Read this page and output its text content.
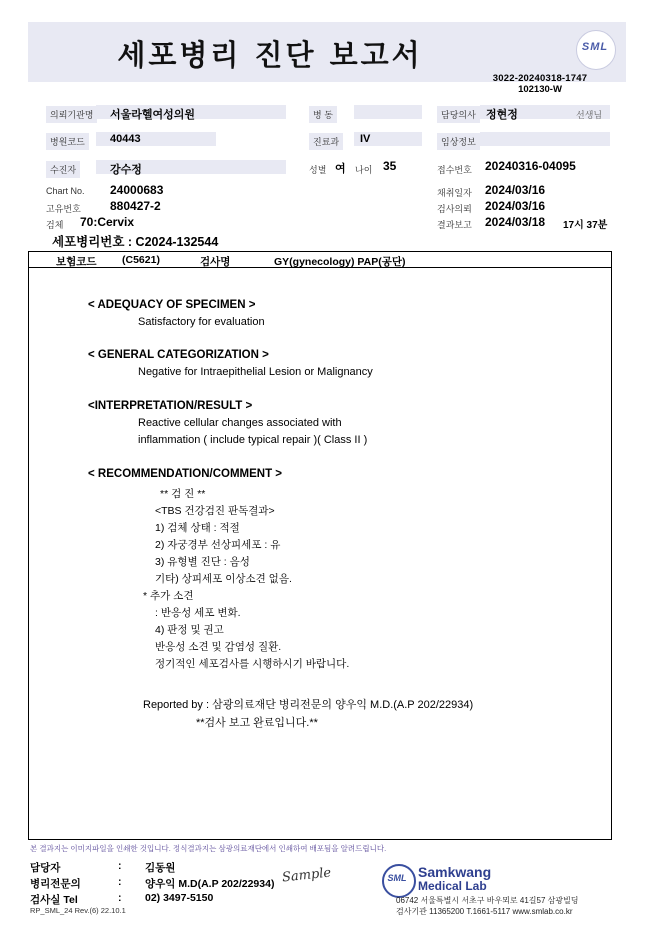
세포병리 진단 보고서	SML
3022-20240318-1747
102130-W
의뢰기관명	서울라헬여성의원	병 동	담당의사 정현정	선생님
병원코드	40443	진료과	IV	임상정보
수진자	강수정	성별 여 나이 35	접수번호 20240316-04095
Chart No. 24000683	채취일자 2024/03/16
고유번호 880427-2	검사의뢰 2024/03/16
검체 70:Cervix	결과보고 2024/03/18 17시 37분
세포병리번호 : C2024-132544
보험코드 (C5621)	검사명	GY(gynecology) PAP(공단)
< ADEQUACY OF SPECIMEN >
Satisfactory for evaluation
< GENERAL CATEGORIZATION >
Negative for Intraepithelial Lesion or Malignancy
<INTERPRETATION/RESULT >
Reactive cellular changes associated with
inflammation ( include typical repair )( Class II )
< RECOMMENDATION/COMMENT >
** 검 진 **
<TBS 건강검진 판독결과>
1) 검체 상태 : 적절
2) 자궁경부 선상피세포 : 유
3) 유형별 진단 : 음성
기타) 상피세포 이상소견 없음.
* 추가 소견
: 반응성 세포 변화.
4) 판정 및 권고
반응성 소견 및 감염성 질환.
정기적인 세포검사를 시행하시기 바랍니다.
Reported by : 삼광의료재단 병리전문의 양우익 M.D.(A.P 202/22934)
**검사 보고 완료입니다.**
본 결과지는 이미지파일을 인쇄한 것입니다. 정식결과지는 삼광의료재단에서 인쇄하여 배포됨을 알려드립니다.
담당자	: 김동원
병리전문의	: 양우익 M.D(A.P 202/22934)
검사실 Tel	: 02) 3497-5150
Sample	SML Samkwang
Medical Lab
06742 서울특별시 서초구 바우뫼로 41길57 삼광빌딩
검사기관 11365200 T.1661-5117 www.smlab.co.kr
RP_SML_24 Rev.(6) 22.10.1
